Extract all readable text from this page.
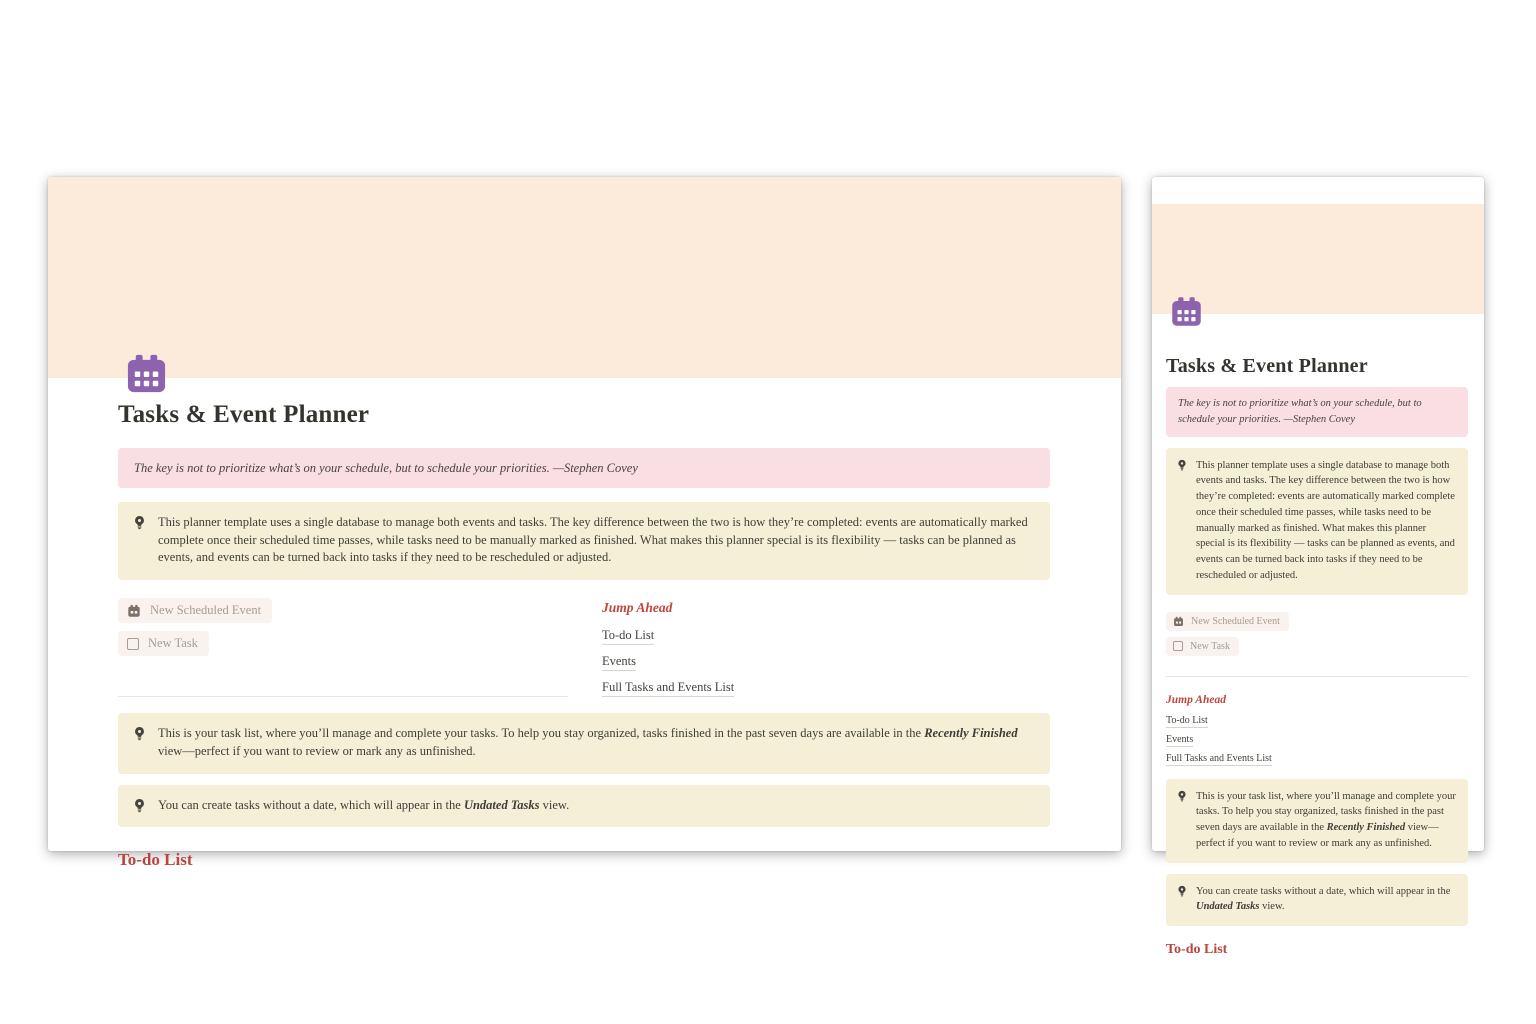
Tasks & Event Planner
The key is not to prioritize what’s on your schedule, but to schedule your priorities. —Stephen Covey
This planner template uses a single database to manage both events and tasks. The key difference between the two is how they’re completed: events are automatically marked complete once their scheduled time passes, while tasks need to be manually marked as finished. What makes this planner special is its flexibility — tasks can be planned as events, and events can be turned back into tasks if they need to be rescheduled or adjusted.
New Scheduled Event
New Task
Jump Ahead
To-do List
Events
Full Tasks and Events List
This is your task list, where you’ll manage and complete your tasks. To help you stay organized, tasks finished in the past seven days are available in the Recently Finished view—perfect if you want to review or mark any as unfinished.
You can create tasks without a date, which will appear in the Undated Tasks view.
To-do List
Tasks & Event Planner
The key is not to prioritize what’s on your schedule, but to schedule your priorities. —Stephen Covey
This planner template uses a single database to manage both events and tasks. The key difference between the two is how they’re completed: events are automatically marked complete once their scheduled time passes, while tasks need to be manually marked as finished. What makes this planner special is its flexibility — tasks can be planned as events, and events can be turned back into tasks if they need to be rescheduled or adjusted.
New Scheduled Event
New Task
Jump Ahead
To-do List
Events
Full Tasks and Events List
This is your task list, where you’ll manage and complete your tasks. To help you stay organized, tasks finished in the past seven days are available in the Recently Finished view—perfect if you want to review or mark any as unfinished.
You can create tasks without a date, which will appear in the Undated Tasks view.
To-do List
